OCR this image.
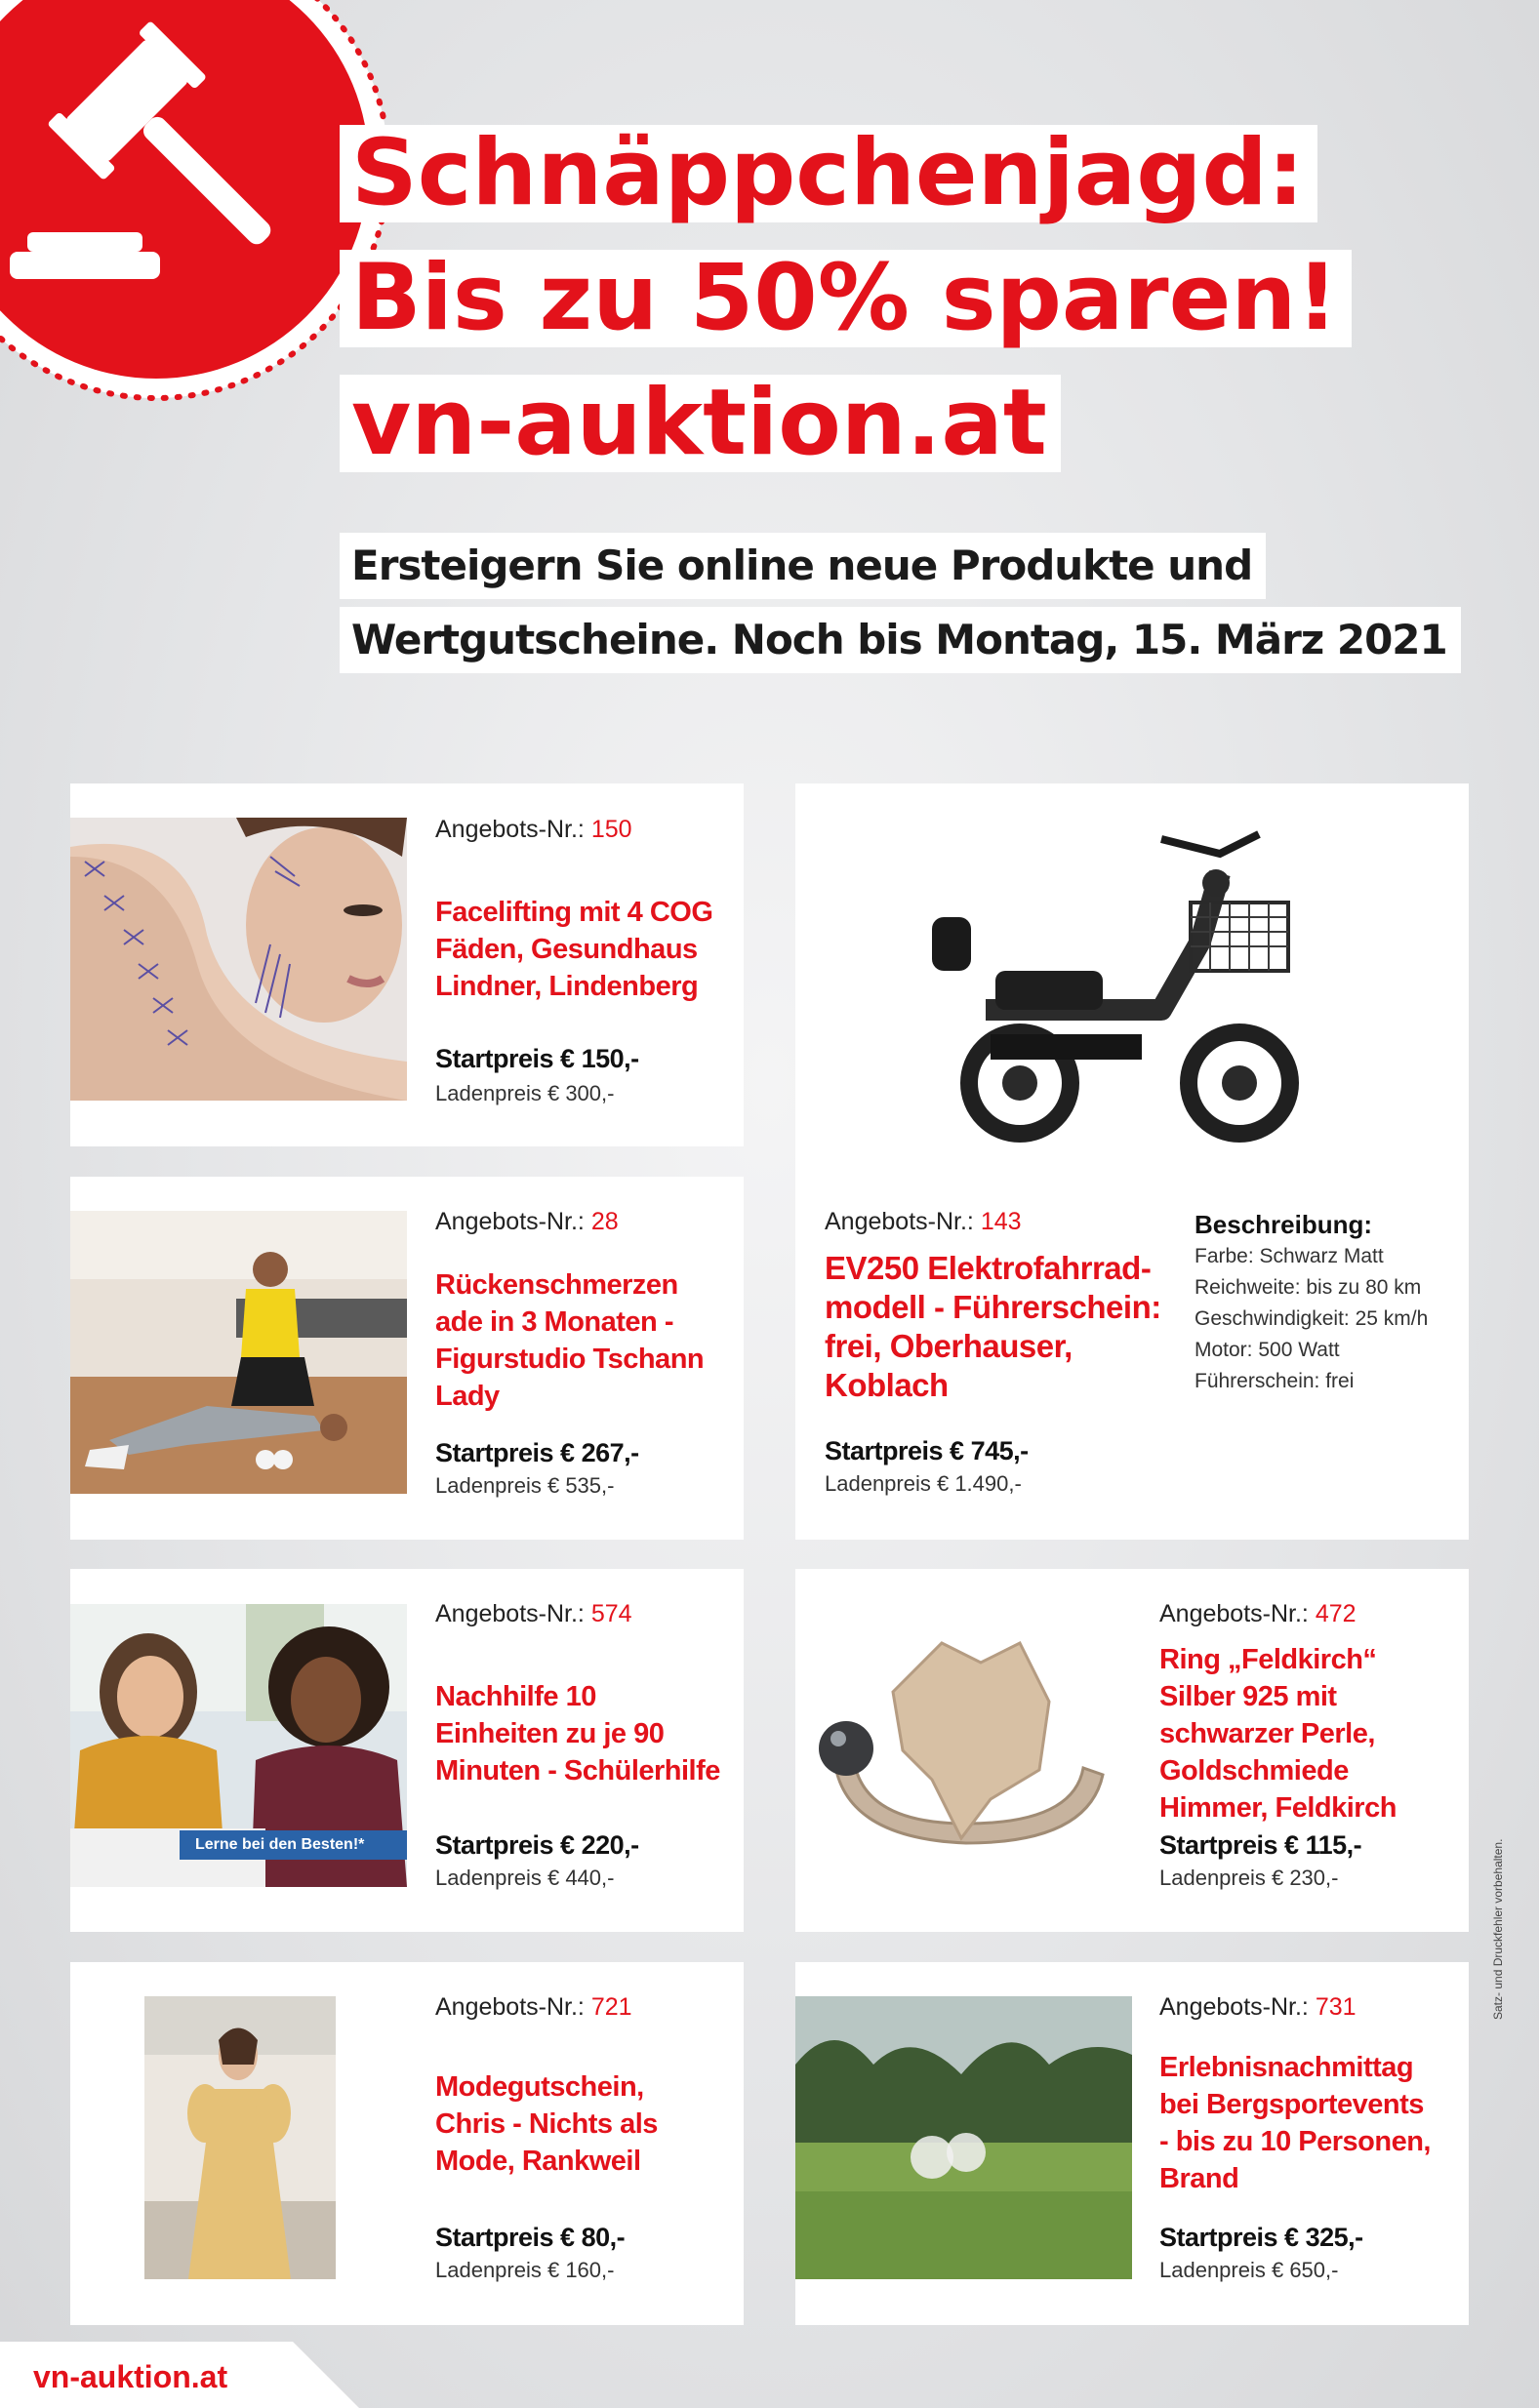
Schnäppchenjagd:
Bis zu 50% sparen!
vn-auktion.at
Ersteigern Sie online neue Produkte und
Wertgutscheine. Noch bis Montag, 15. März 2021
Angebots-Nr.: 150
Facelifting mit 4 COG
Fäden, Gesundhaus
Lindner, Lindenberg
Startpreis € 150,-
Ladenpreis € 300,-
Angebots-Nr.: 28
Rückenschmerzen
ade in 3 Monaten -
Figurstudio Tschann
Lady
Startpreis € 267,-
Ladenpreis € 535,-
Angebots-Nr.: 143
EV250 Elektrofahrrad-
modell - Führerschein:
frei, Oberhauser,
Koblach
Startpreis € 745,-
Ladenpreis € 1.490,-
Beschreibung:
Farbe: Schwarz Matt
Reichweite: bis zu 80 km
Geschwindigkeit: 25 km/h
Motor: 500 Watt
Führerschein: frei
Lerne bei den Besten!*
Angebots-Nr.: 574
Nachhilfe 10
Einheiten zu je 90
Minuten - Schülerhilfe
Startpreis € 220,-
Ladenpreis € 440,-
Angebots-Nr.: 472
Ring „Feldkirch“
Silber 925 mit
schwarzer Perle,
Goldschmiede
Himmer, Feldkirch
Startpreis € 115,-
Ladenpreis € 230,-
Angebots-Nr.: 721
Modegutschein,
Chris - Nichts als
Mode, Rankweil
Startpreis € 80,-
Ladenpreis € 160,-
Angebots-Nr.: 731
Erlebnisnachmittag
bei Bergsportevents
- bis zu 10 Personen,
Brand
Startpreis € 325,-
Ladenpreis € 650,-
vn-auktion.at
Satz- und Druckfehler vorbehalten.
